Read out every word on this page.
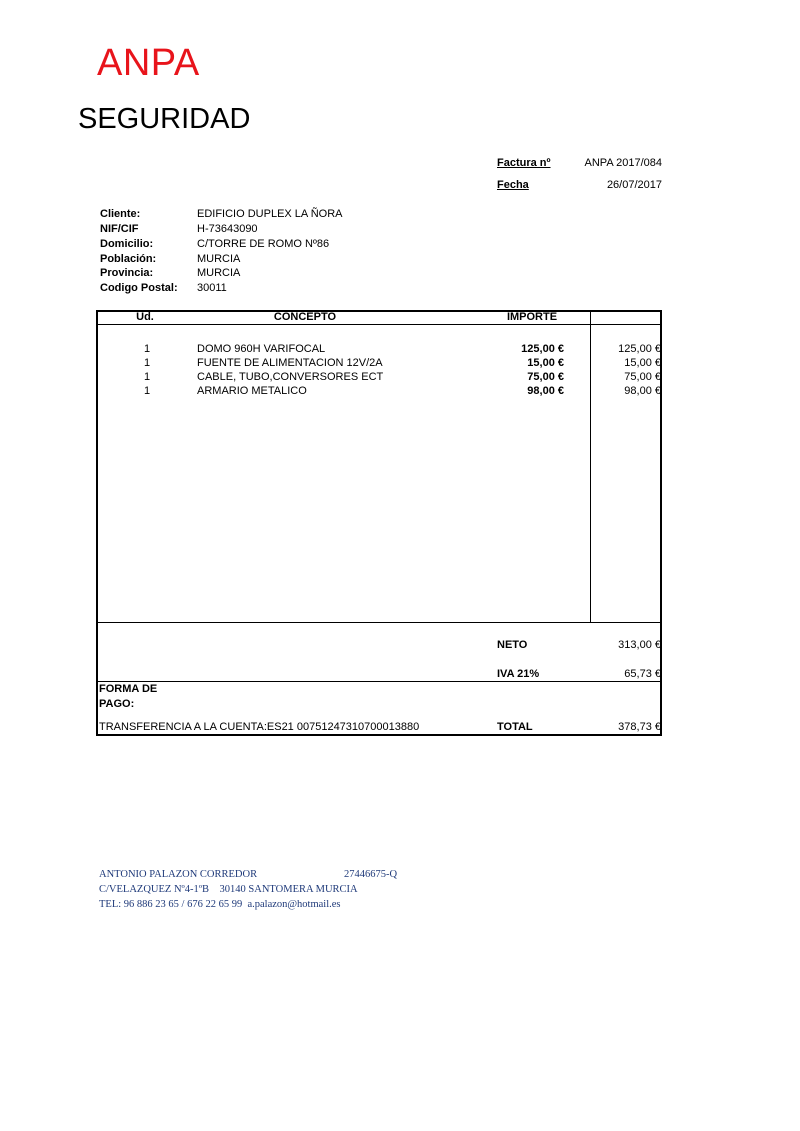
ANPA
SEGURIDAD
Factura nº	ANPA 2017/084
Fecha	26/07/2017
Cliente:	EDIFICIO DUPLEX LA ÑORA
NIF/CIF	H-73643090
Domicilio:	C/TORRE DE ROMO Nº86
Población:	MURCIA
Provincia:	MURCIA
Codigo Postal:	30011
Ud.	CONCEPTO	IMPORTE
1	DOMO 960H VARIFOCAL	125,00 €	125,00 €
1	FUENTE DE ALIMENTACION 12V/2A	15,00 €	15,00 €
1	CABLE, TUBO,CONVERSORES ECT	75,00 €	75,00 €
1	ARMARIO METALICO	98,00 €	98,00 €
NETO	313,00 €
IVA 21%	65,73 €
FORMA DE
PAGO:
TRANSFERENCIA A LA CUENTA:ES21 00751247310700013880	TOTAL	378,73 €
ANTONIO PALAZON CORREDOR	27446675-Q
C/VELAZQUEZ Nº4-1ºB    30140 SANTOMERA MURCIA
TEL: 96 886 23 65 / 676 22 65 99  a.palazon@hotmail.es
